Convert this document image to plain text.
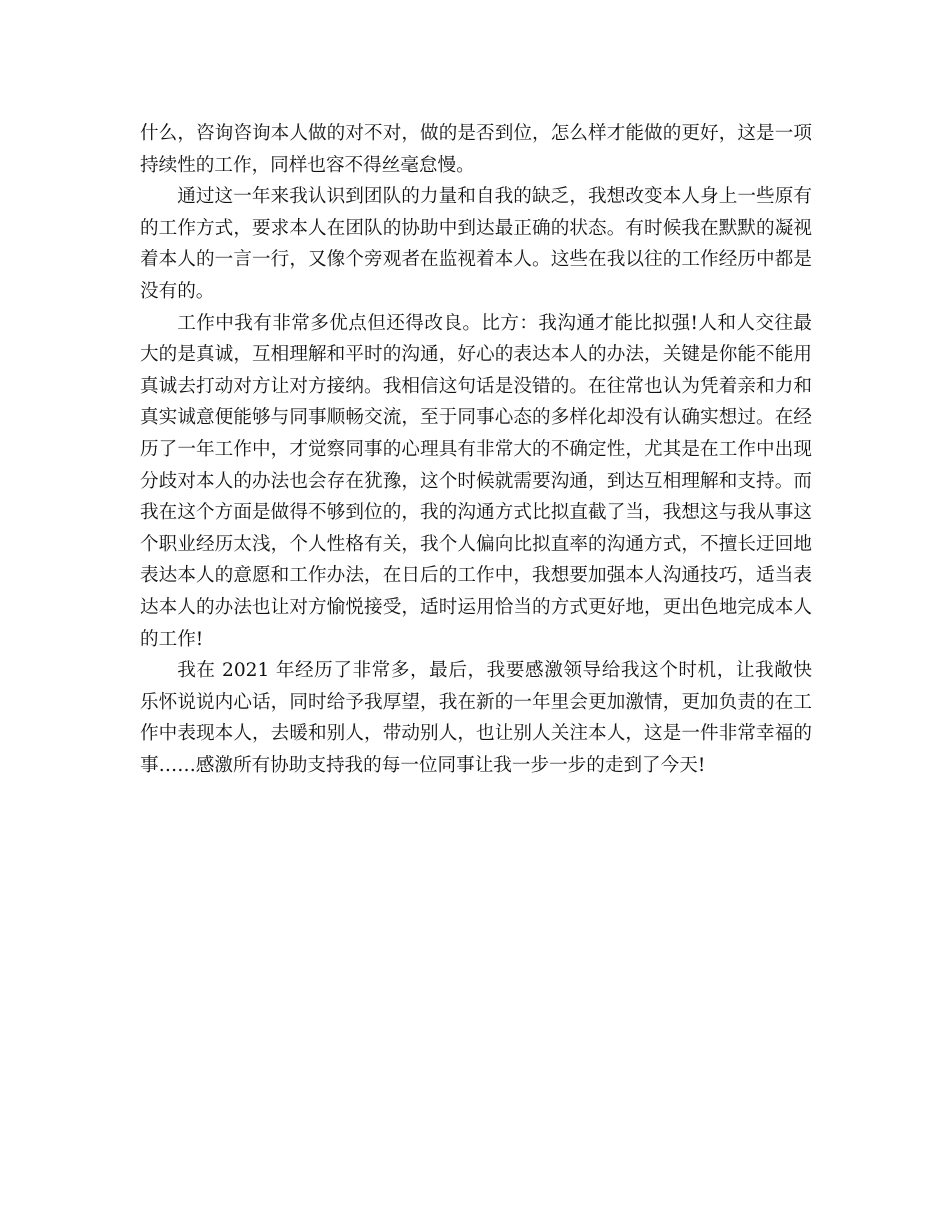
什么，咨询咨询本人做的对不对，做的是否到位，怎么样才能做的更好，这是一项持续性的工作，同样也容不得丝毫怠慢。

通过这一年来我认识到团队的力量和自我的缺乏，我想改变本人身上一些原有的工作方式，要求本人在团队的协助中到达最正确的状态。有时候我在默默的凝视着本人的一言一行，又像个旁观者在监视着本人。这些在我以往的工作经历中都是没有的。

工作中我有非常多优点但还得改良。比方：我沟通才能比拟强!人和人交往最大的是真诚，互相理解和平时的沟通，好心的表达本人的办法，关键是你能不能用真诚去打动对方让对方接纳。我相信这句话是没错的。在往常也认为凭着亲和力和真实诚意便能够与同事顺畅交流，至于同事心态的多样化却没有认确实想过。在经历了一年工作中，才觉察同事的心理具有非常大的不确定性，尤其是在工作中出现分歧对本人的办法也会存在犹豫，这个时候就需要沟通，到达互相理解和支持。而我在这个方面是做得不够到位的，我的沟通方式比拟直截了当，我想这与我从事这个职业经历太浅，个人性格有关，我个人偏向比拟直率的沟通方式，不擅长迂回地表达本人的意愿和工作办法，在日后的工作中，我想要加强本人沟通技巧，适当表达本人的办法也让对方愉悦接受，适时运用恰当的方式更好地，更出色地完成本人的工作!

我在 2021 年经历了非常多，最后，我要感激领导给我这个时机，让我敞快乐怀说说内心话，同时给予我厚望，我在新的一年里会更加激情，更加负责的在工作中表现本人，去暖和别人，带动别人，也让别人关注本人，这是一件非常幸福的事……感激所有协助支持我的每一位同事让我一步一步的走到了今天!
